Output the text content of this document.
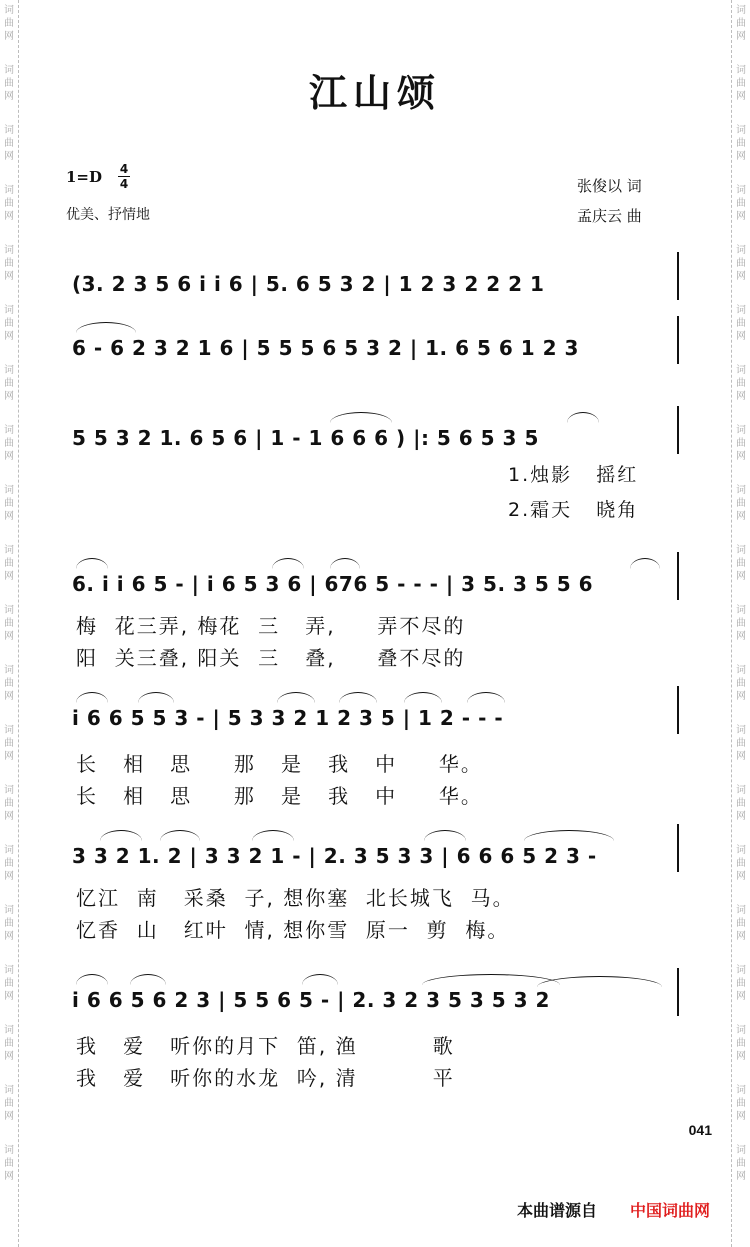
词
曲
网
词
曲
网
词
曲
网
词
曲
网
词
曲
网
词
曲
网
词
曲
网
词
曲
网
词
曲
网
词
曲
网
词
曲
网
词
曲
网
词
曲
网
词
曲
网
词
曲
网
词
曲
网
词
曲
网
词
曲
网
词
曲
网
词
曲
网
词
曲
网
词
曲
网
词
曲
网
词
曲
网
词
曲
网
词
曲
网
词
曲
网
词
曲
网
词
曲
网
词
曲
网
词
曲
网
词
曲
网
词
曲
网
词
曲
网
词
曲
网
词
曲
网
词
曲
网
词
曲
网
词
曲
网
词
曲
网
江山颂
1=D 4
4
优美、抒情地
张俊以 词
孟庆云 曲
(3. 2 3 5 6 i i 6 | 5. 6 5 3 2 | 1 2 3 2 2 2 1
6 - 6 2 3 2 1 6 | 5 5 5 6 5 3 2 | 1. 6 5 6 1 2 3
5 5 3 2 1. 6 5 6 | 1 - 1 6 6 6 ) |: 5 6 5 3 5
1.烛影   摇红
2.霜天   晓角
6. i i 6 5 - | i 6 5 3 6 | 676 5 - - - | 3 5. 3 5 5 6
梅  花三弄, 梅花  三   弄,     弄不尽的
阳  关三叠, 阳关  三   叠,     叠不尽的
i 6 6 5 5 3 - | 5 3 3 2 1 2 3 5 | 1 2 - - -
长   相   思     那   是   我   中     华。
长   相   思     那   是   我   中     华。
3 3 2 1. 2 | 3 3 2 1 - | 2. 3 5 3 3 | 6 6 6 5 2 3 -
忆江  南   采桑  子, 想你塞  北长城飞  马。
忆香  山   红叶  情, 想你雪  原一  剪  梅。
i 6 6 5 6 2 3 | 5 5 6 5 - | 2. 3 2 3 5 3 5 3 2
我   爱   听你的月下  笛, 渔         歌
我   爱   听你的水龙  吟, 清         平
041
本曲谱源自 中国词曲网
